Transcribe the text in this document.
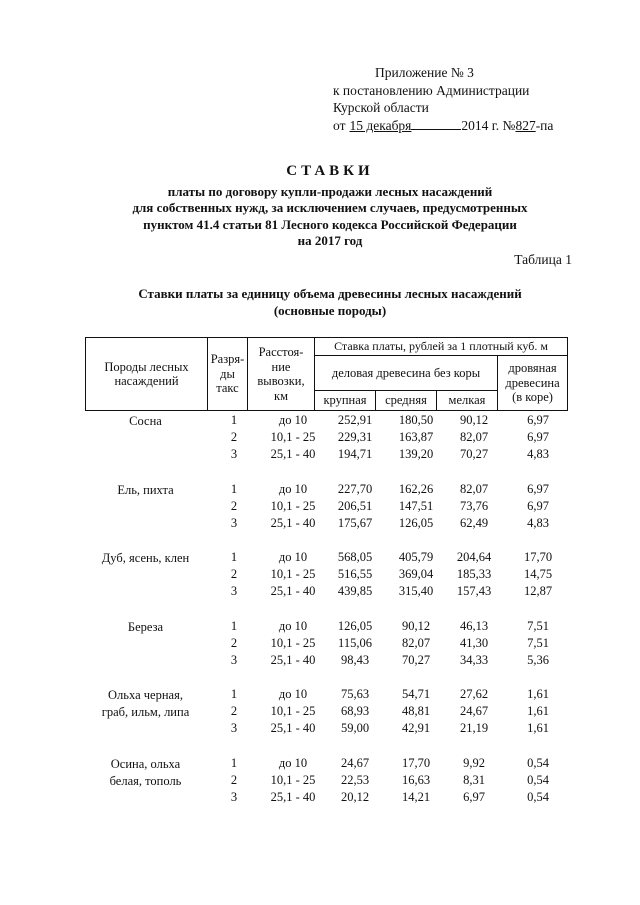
Приложение № 3
к постановлению Администрации
Курской области
от 15 декабря	2014 г. №827-па
СТАВКИ
платы по договору купли-продажи лесных насаждений
для собственных нужд, за исключением случаев, предусмотренных
пунктом 41.4 статьи 81 Лесного кодекса Российской Федерации
на 2017 год
Таблица 1
Ставки платы за единицу объема древесины лесных насаждений
(основные породы)
Породы лесных насаждений	Разря-ды такс	Расстоя-ние вывозки, км	Ставка платы, рублей за 1 плотный куб. м			
			деловая древесина без коры			дровяная древесина (в коре)
			крупная	средняя	мелкая	
Сосна	1	до 10	252,91	180,50	90,12	6,97
2	10,1 - 25	229,31	163,87	82,07	6,97
3	25,1 - 40	194,71	139,20	70,27	4,83
Ель, пихта	1	до 10	227,70	162,26	82,07	6,97
2	10,1 - 25	206,51	147,51	73,76	6,97
3	25,1 - 40	175,67	126,05	62,49	4,83
Дуб, ясень, клен	1	до 10	568,05	405,79	204,64	17,70
2	10,1 - 25	516,55	369,04	185,33	14,75
3	25,1 - 40	439,85	315,40	157,43	12,87
Береза	1	до 10	126,05	90,12	46,13	7,51
2	10,1 - 25	115,06	82,07	41,30	7,51
3	25,1 - 40	98,43	70,27	34,33	5,36
Ольха черная,
граб, ильм, липа
1	до 10	75,63	54,71	27,62	1,61
2	10,1 - 25	68,93	48,81	24,67	1,61
3	25,1 - 40	59,00	42,91	21,19	1,61
Осина, ольха
белая, тополь
1	до 10	24,67	17,70	9,92	0,54
2	10,1 - 25	22,53	16,63	8,31	0,54
3	25,1 - 40	20,12	14,21	6,97	0,54
